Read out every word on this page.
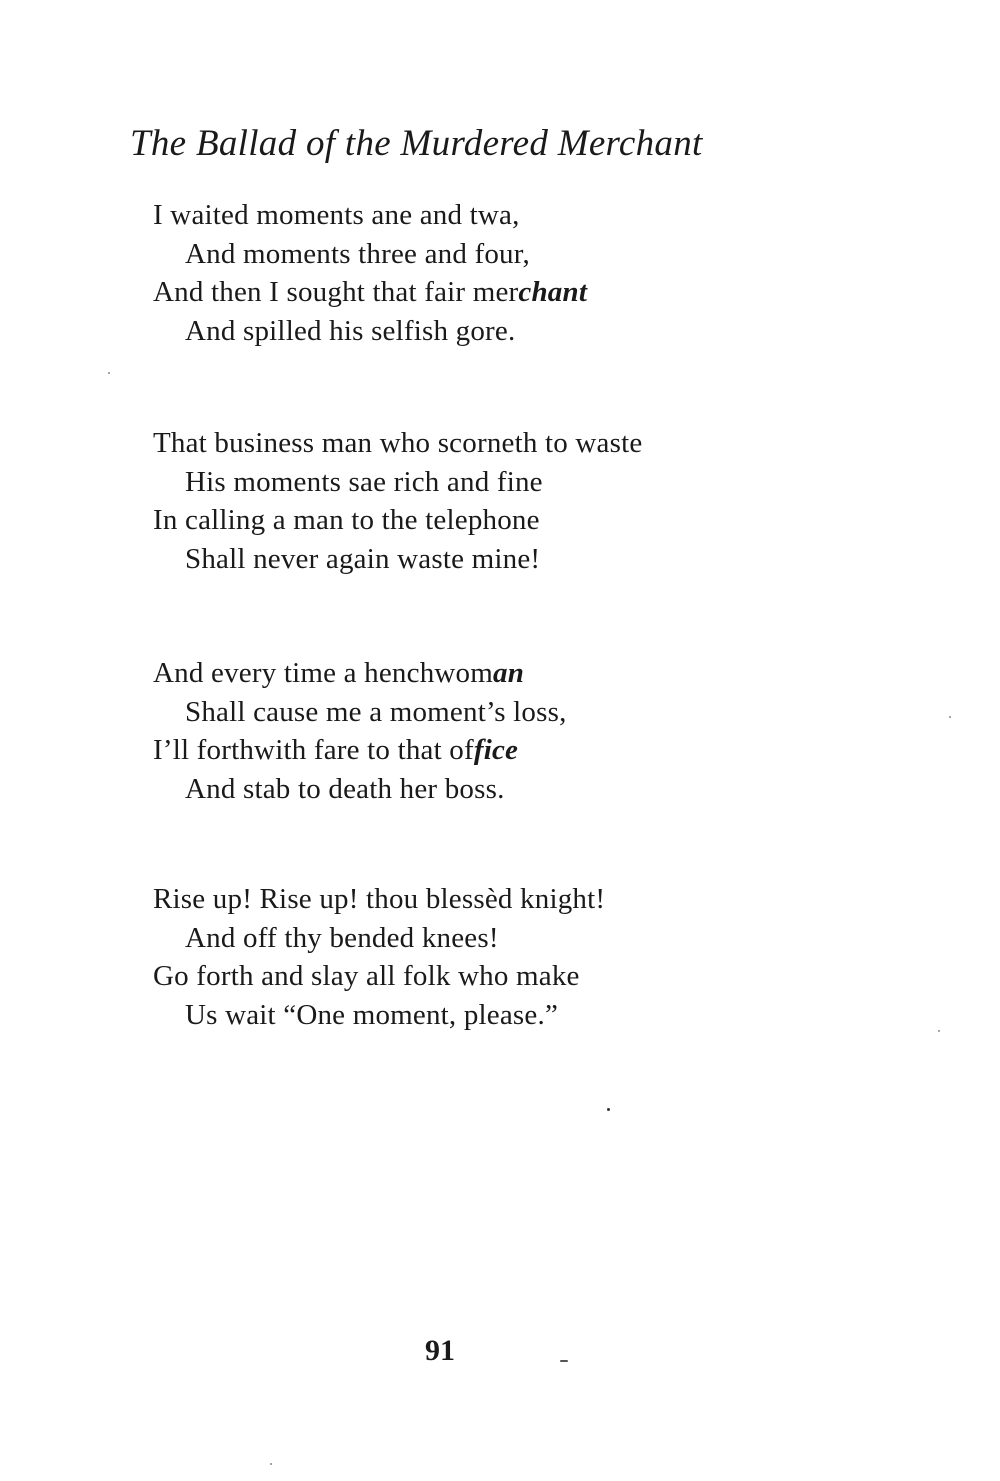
The Ballad of the Murdered Merchant
I waited moments ane and twa,
And moments three and four,
And then I sought that fair merchant
And spilled his selfish gore.
That business man who scorneth to waste
His moments sae rich and fine
In calling a man to the telephone
Shall never again waste mine!
And every time a henchwoman
Shall cause me a moment’s loss,
I’ll forthwith fare to that office
And stab to death her boss.
Rise up! Rise up! thou blessèd knight!
And off thy bended knees!
Go forth and slay all folk who make
Us wait “One moment, please.”
91
